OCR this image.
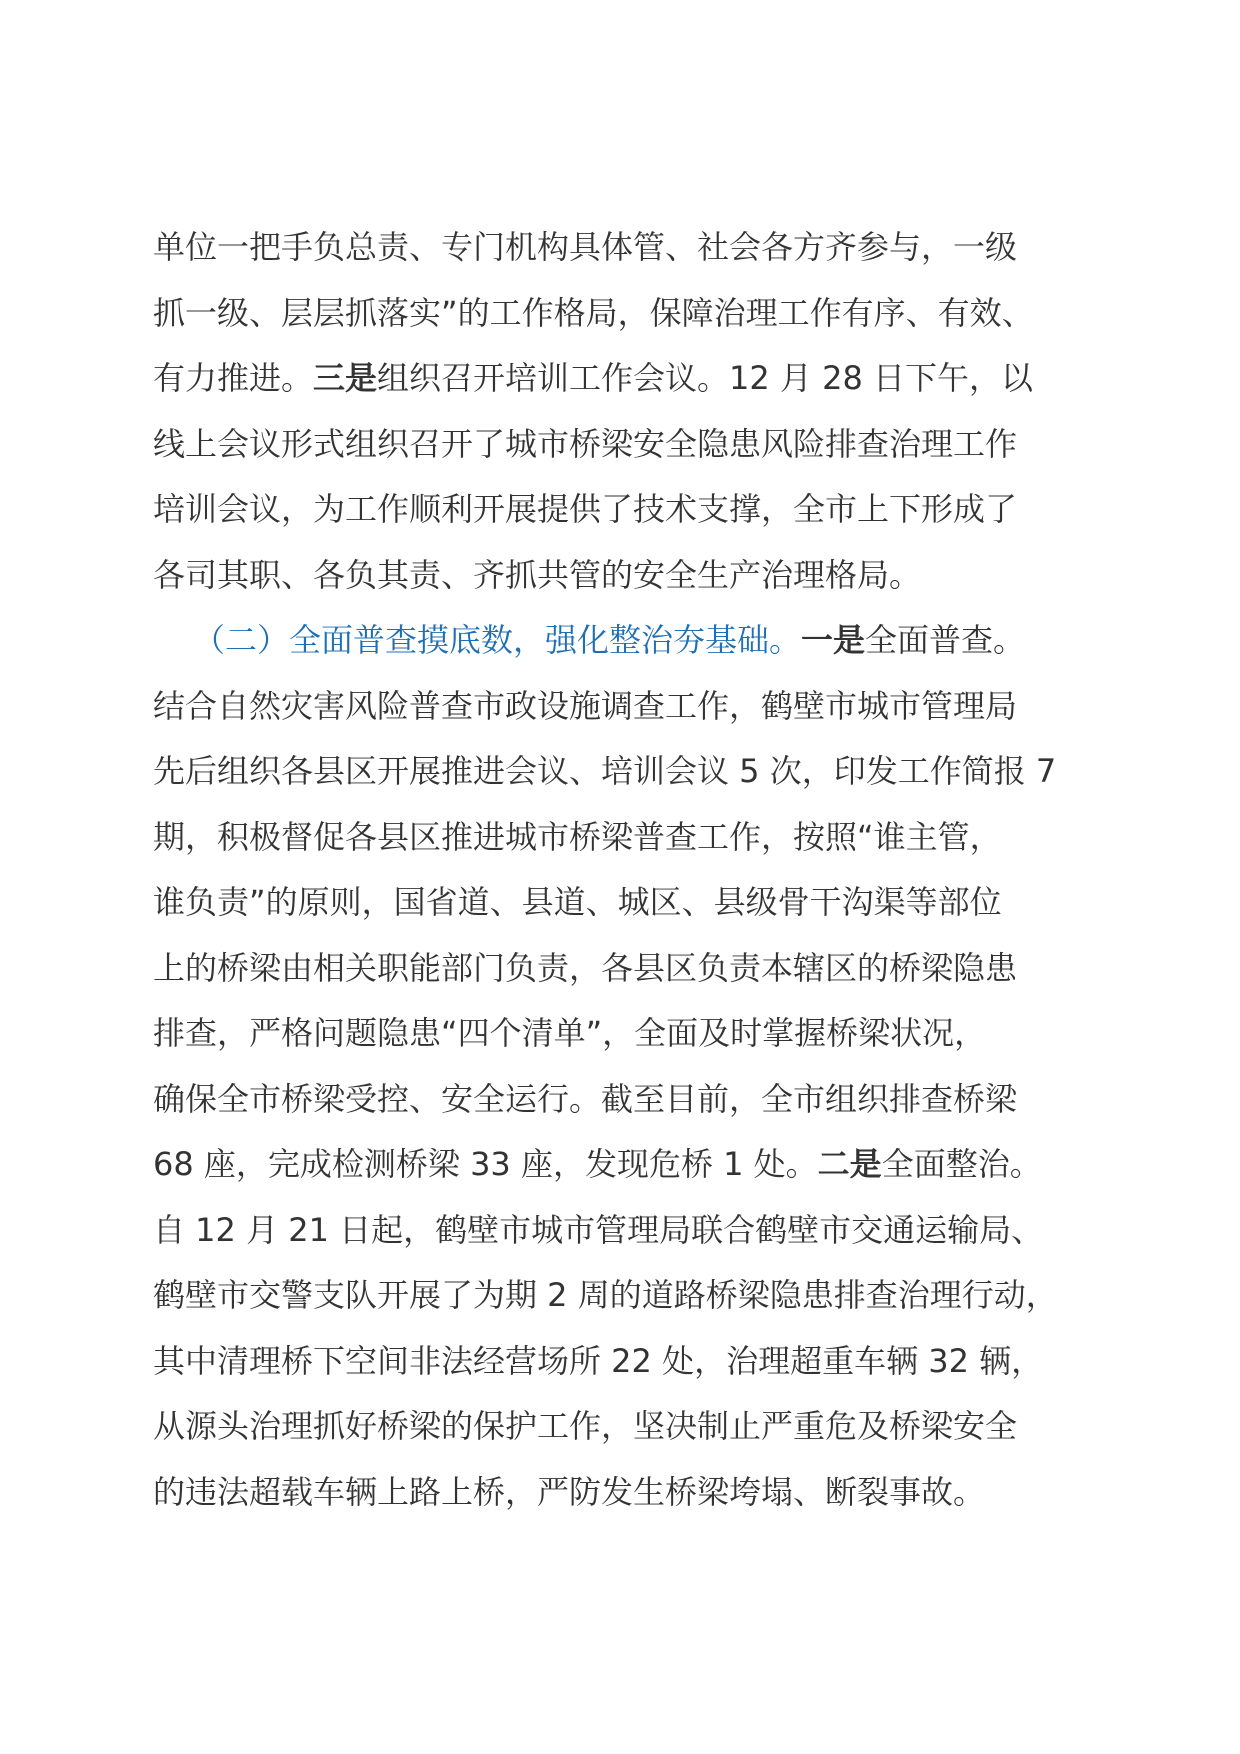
单位一把手负总责、专门机构具体管、社会各方齐参与，一级
抓一级、层层抓落实”的工作格局，保障治理工作有序、有效、
有力推进。三是组织召开培训工作会议。12 月 28 日下午，以
线上会议形式组织召开了城市桥梁安全隐患风险排查治理工作
培训会议，为工作顺利开展提供了技术支撑，全市上下形成了
各司其职、各负其责、齐抓共管的安全生产治理格局。
（二）全面普查摸底数，强化整治夯基础。一是全面普查。
结合自然灾害风险普查市政设施调查工作，鹤壁市城市管理局
先后组织各县区开展推进会议、培训会议 5 次，印发工作简报 7
期，积极督促各县区推进城市桥梁普查工作，按照“谁主管，
谁负责”的原则，国省道、县道、城区、县级骨干沟渠等部位
上的桥梁由相关职能部门负责，各县区负责本辖区的桥梁隐患
排查，严格问题隐患“四个清单”，全面及时掌握桥梁状况，
确保全市桥梁受控、安全运行。截至目前，全市组织排查桥梁
68 座，完成检测桥梁 33 座，发现危桥 1 处。二是全面整治。
自 12 月 21 日起，鹤壁市城市管理局联合鹤壁市交通运输局、
鹤壁市交警支队开展了为期 2 周的道路桥梁隐患排查治理行动，
其中清理桥下空间非法经营场所 22 处，治理超重车辆 32 辆，
从源头治理抓好桥梁的保护工作，坚决制止严重危及桥梁安全
的违法超载车辆上路上桥，严防发生桥梁垮塌、断裂事故。
